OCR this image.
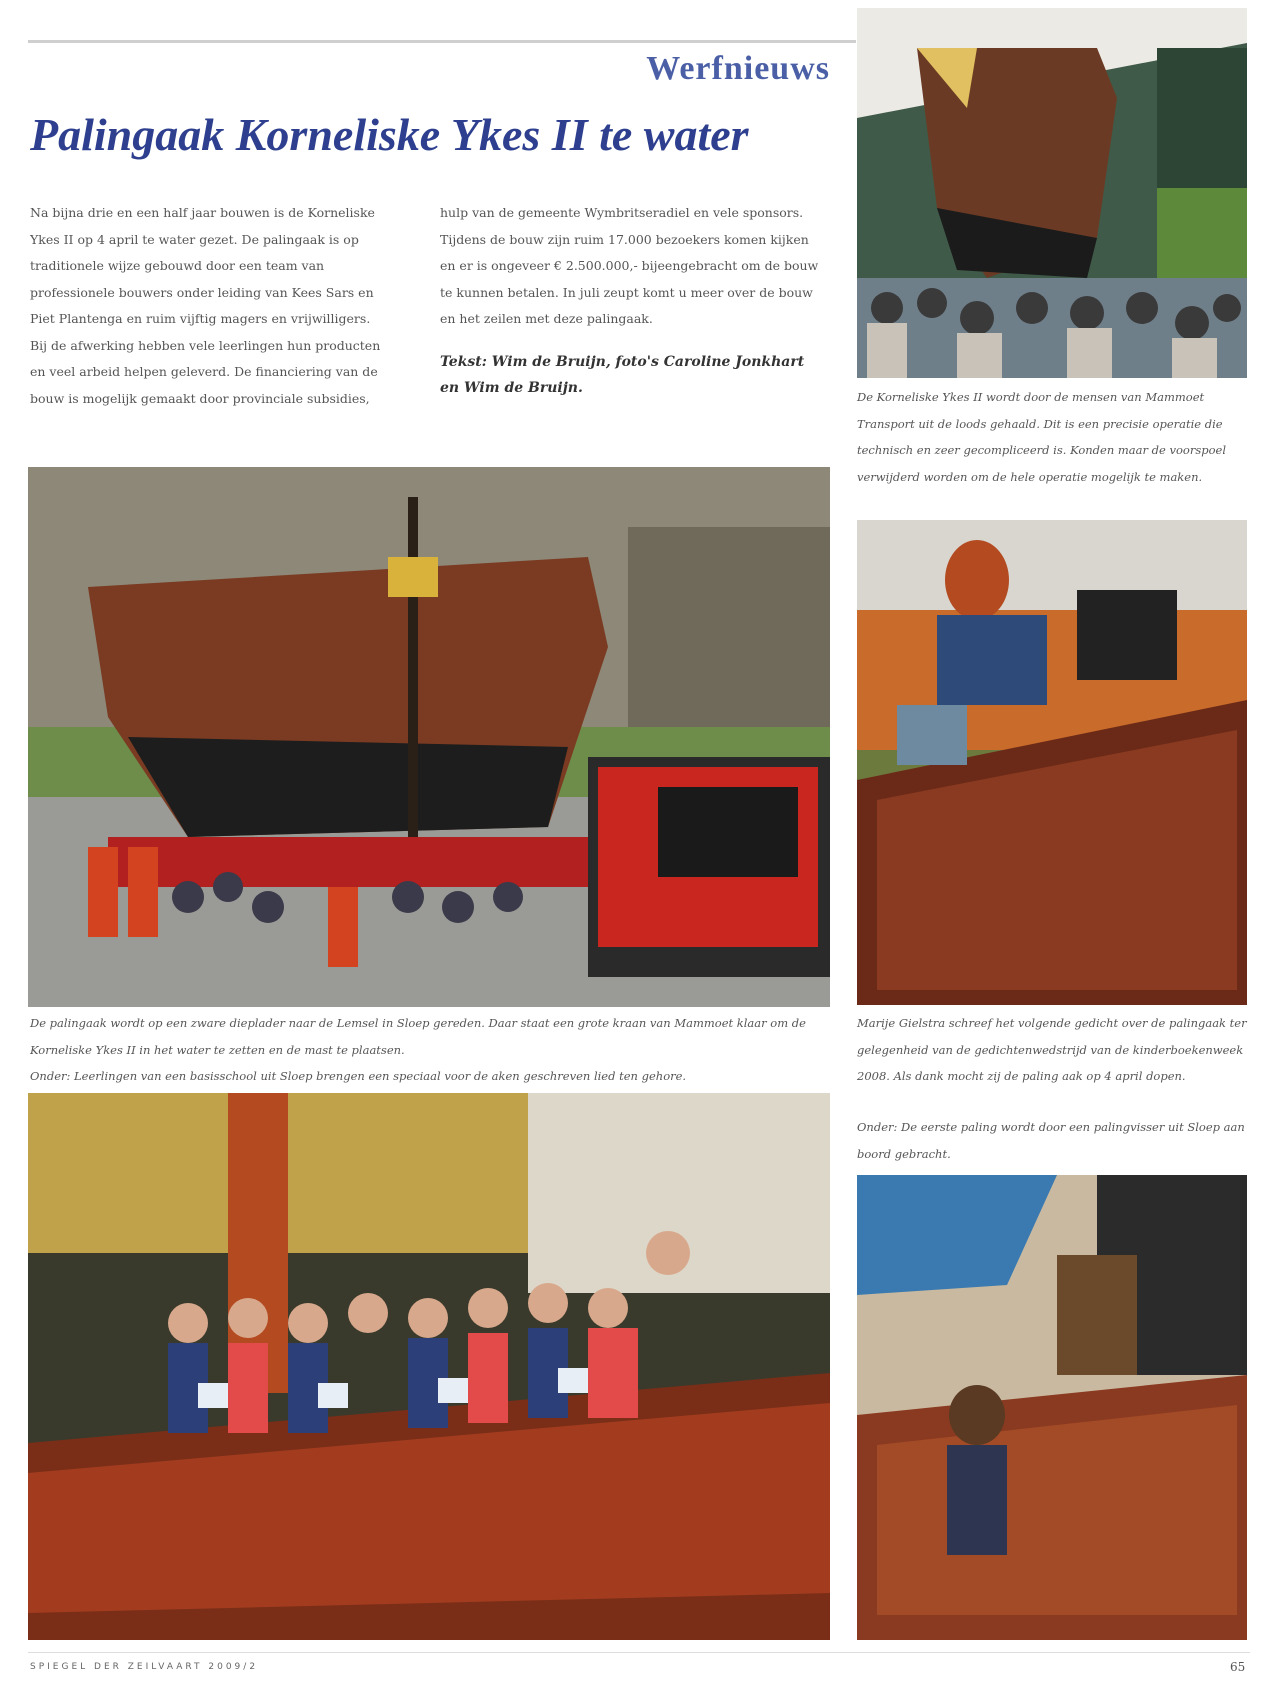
Werfnieuws
Palingaak Korneliske Ykes II te water

Na bijna drie en een half jaar bouwen is de Korneliske Ykes II op 4 april te water gezet. De palingaak is op traditionele wijze gebouwd door een team van professionele bouwers onder leiding van Kees Sars en Piet Plantenga en ruim vijftig magers en vrijwilligers. Bij de afwerking hebben vele leerlingen hun producten en veel arbeid helpen geleverd. De financiering van de bouw is mogelijk gemaakt door provinciale subsidies,

hulp van de gemeente Wymbritseradiel en vele sponsors. Tijdens de bouw zijn ruim 17.000 bezoekers komen kijken en er is ongeveer € 2.500.000,- bijeengebracht om de bouw te kunnen betalen. In juli zeupt komt u meer over de bouw en het zeilen met deze palingaak.

Tekst: Wim de Bruijn, foto's Caroline Jonkhart en Wim de Bruijn.

De Korneliske Ykes II wordt door de mensen van Mammoet Transport uit de loods gehaald. Dit is een precisie operatie die technisch en zeer gecompliceerd is. Konden maar de voorspoel verwijderd worden om de hele operatie mogelijk te maken.
De palingaak wordt op een zware dieplader naar de Lemsel in Sloep gereden. Daar staat een grote kraan van Mammoet klaar om de Korneliske Ykes II in het water te zetten en de mast te plaatsen.
Onder: Leerlingen van een basisschool uit Sloep brengen een speciaal voor de aken geschreven lied ten gehore.
Marije Gielstra schreef het volgende gedicht over de palingaak ter gelegenheid van de gedichtenwedstrijd van de kinderboekenweek 2008. Als dank mocht zij de paling aak op 4 april dopen.
Onder: De eerste paling wordt door een palingvisser uit Sloep aan boord gebracht.
SPIEGEL DER ZEILVAART 2009/2	65
